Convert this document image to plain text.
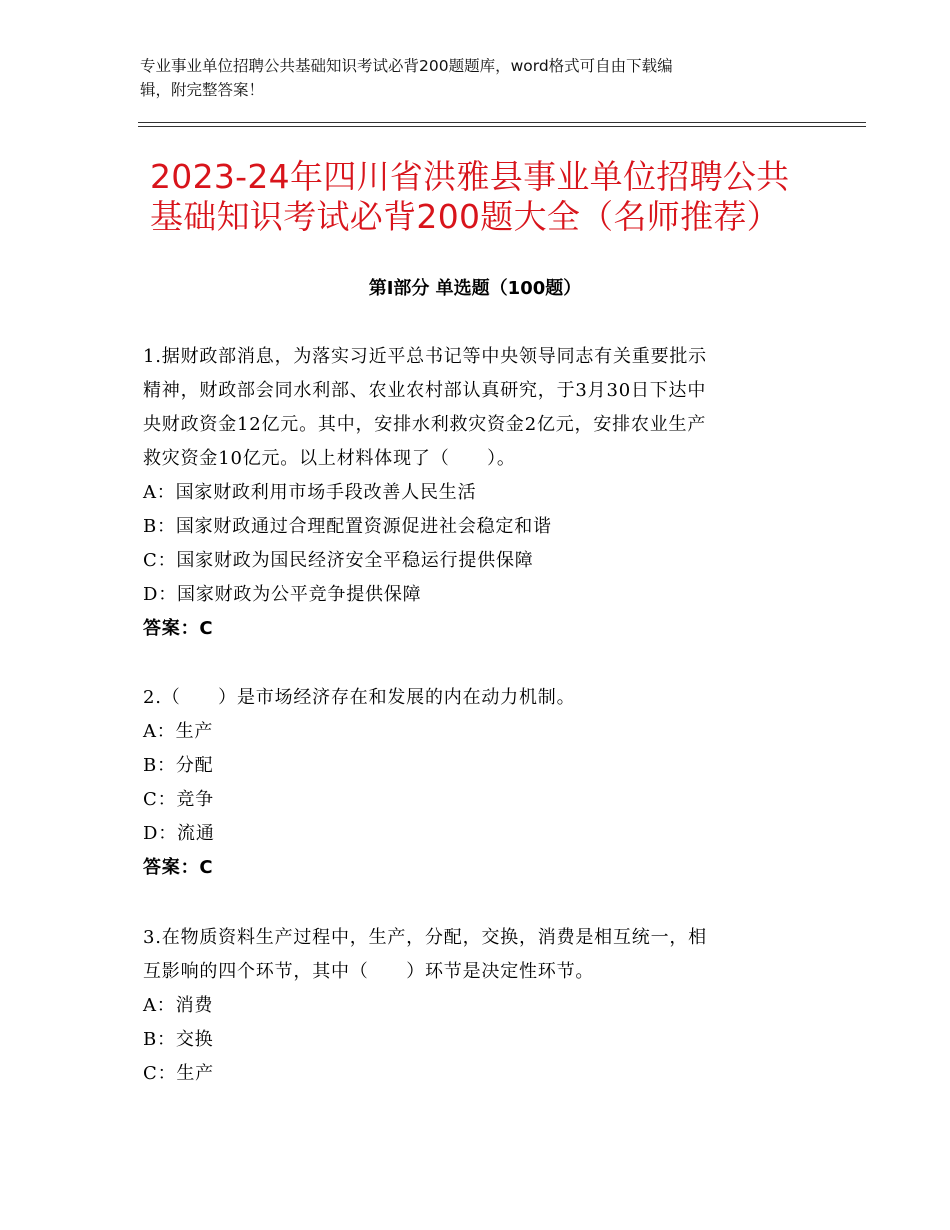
专业事业单位招聘公共基础知识考试必背200题题库，word格式可自由下载编
辑，附完整答案！
2023-24年四川省洪雅县事业单位招聘公共
基础知识考试必背200题大全（名师推荐）
第Ⅰ部分 单选题（100题）

1.据财政部消息，为落实习近平总书记等中央领导同志有关重要批示

精神，财政部会同水利部、农业农村部认真研究，于3月30日下达中

央财政资金12亿元。其中，安排水利救灾资金2亿元，安排农业生产

救灾资金10亿元。以上材料体现了（　　）。

A：国家财政利用市场手段改善人民生活

B：国家财政通过合理配置资源促进社会稳定和谐

C：国家财政为国民经济安全平稳运行提供保障

D：国家财政为公平竞争提供保障

答案：C

2.（　　）是市场经济存在和发展的内在动力机制。

A：生产

B：分配

C：竞争

D：流通

答案：C

3.在物质资料生产过程中，生产，分配，交换，消费是相互统一，相

互影响的四个环节，其中（　　）环节是决定性环节。

A：消费

B：交换

C：生产
